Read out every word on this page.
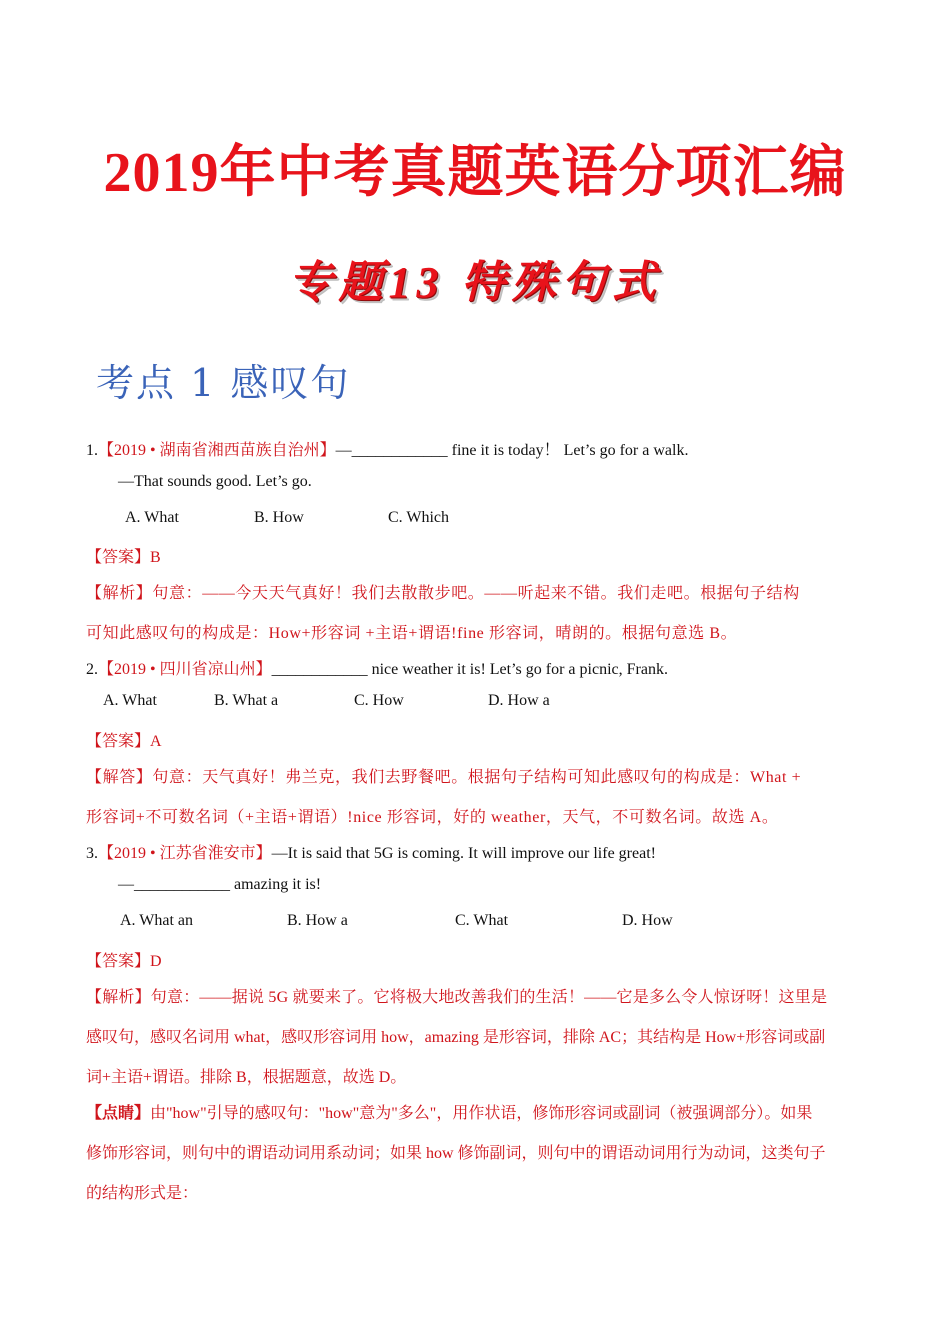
2019年中考真题英语分项汇编
专题13 特殊句式
考点 1 感叹句
1.【2019 • 湖南省湘西苗族自治州】—____________ fine it is today！ Let’s go for a walk.
—That sounds good. Let’s go.
A. What	B. How	C. Which
【答案】B
【解析】句意：——今天天气真好！我们去散散步吧。——听起来不错。我们走吧。根据句子结构
可知此感叹句的构成是：How+形容词 +主语+谓语!fine 形容词，晴朗的。根据句意选 B。
2.【2019 • 四川省凉山州】____________ nice weather it is! Let’s go for a picnic, Frank.
A. What	B. What a	C. How	D. How a
【答案】A
【解答】句意：天气真好！弗兰克，我们去野餐吧。根据句子结构可知此感叹句的构成是：What +
形容词+不可数名词（+主语+谓语）!nice 形容词，好的 weather，天气，不可数名词。故选 A。
3.【2019 • 江苏省淮安市】—It is said that 5G is coming. It will improve our life great!
—____________ amazing it is!
A. What an	B. How a	C. What	D. How
【答案】D
【解析】句意：——据说 5G 就要来了。它将极大地改善我们的生活！——它是多么令人惊讶呀！这里是
感叹句，感叹名词用 what，感叹形容词用 how，amazing 是形容词，排除 AC；其结构是 How+形容词或副
词+主语+谓语。排除 B，根据题意，故选 D。
【点睛】由"how"引导的感叹句："how"意为"多么"，用作状语，修饰形容词或副词（被强调部分）。如果
修饰形容词，则句中的谓语动词用系动词；如果 how 修饰副词，则句中的谓语动词用行为动词，这类句子
的结构形式是：
